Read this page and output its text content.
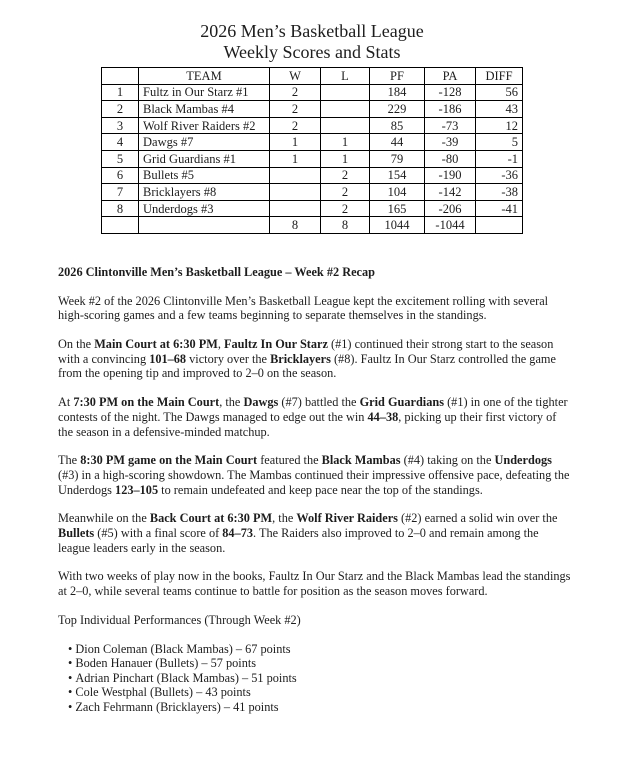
2026 Men’s Basketball League
Weekly Scores and Stats
	TEAM	W	L	PF	PA	DIFF
1	Fultz in Our Starz #1	2		184	-128	56
2	Black Mambas #4	2		229	-186	43
3	Wolf River Raiders #2	2		85	-73	12
4	Dawgs #7	1	1	44	-39	5
5	Grid Guardians #1	1	1	79	-80	-1
6	Bullets #5		2	154	-190	-36
7	Bricklayers #8		2	104	-142	-38
8	Underdogs #3		2	165	-206	-41
		8	8	1044	-1044	

2026 Clintonville Men’s Basketball League – Week #2 Recap

Week #2 of the 2026 Clintonville Men’s Basketball League kept the excitement rolling with several high-scoring games and a few teams beginning to separate themselves in the standings.

On the Main Court at 6:30 PM, Faultz In Our Starz (#1) continued their strong start to the season with a convincing 101–68 victory over the Bricklayers (#8). Faultz In Our Starz controlled the game from the opening tip and improved to 2–0 on the season.

At 7:30 PM on the Main Court, the Dawgs (#7) battled the Grid Guardians (#1) in one of the tighter contests of the night. The Dawgs managed to edge out the win 44–38, picking up their first victory of the season in a defensive-minded matchup.

The 8:30 PM game on the Main Court featured the Black Mambas (#4) taking on the Underdogs (#3) in a high-scoring showdown. The Mambas continued their impressive offensive pace, defeating the Underdogs 123–105 to remain undefeated and keep pace near the top of the standings.

Meanwhile on the Back Court at 6:30 PM, the Wolf River Raiders (#2) earned a solid win over the Bullets (#5) with a final score of 84–73. The Raiders also improved to 2–0 and remain among the league leaders early in the season.

With two weeks of play now in the books, Faultz In Our Starz and the Black Mambas lead the standings at 2–0, while several teams continue to battle for position as the season moves forward.

Top Individual Performances (Through Week #2)

• Dion Coleman (Black Mambas) – 67 points
• Boden Hanauer (Bullets) – 57 points
• Adrian Pinchart (Black Mambas) – 51 points
• Cole Westphal (Bullets) – 43 points
• Zach Fehrmann (Bricklayers) – 41 points
